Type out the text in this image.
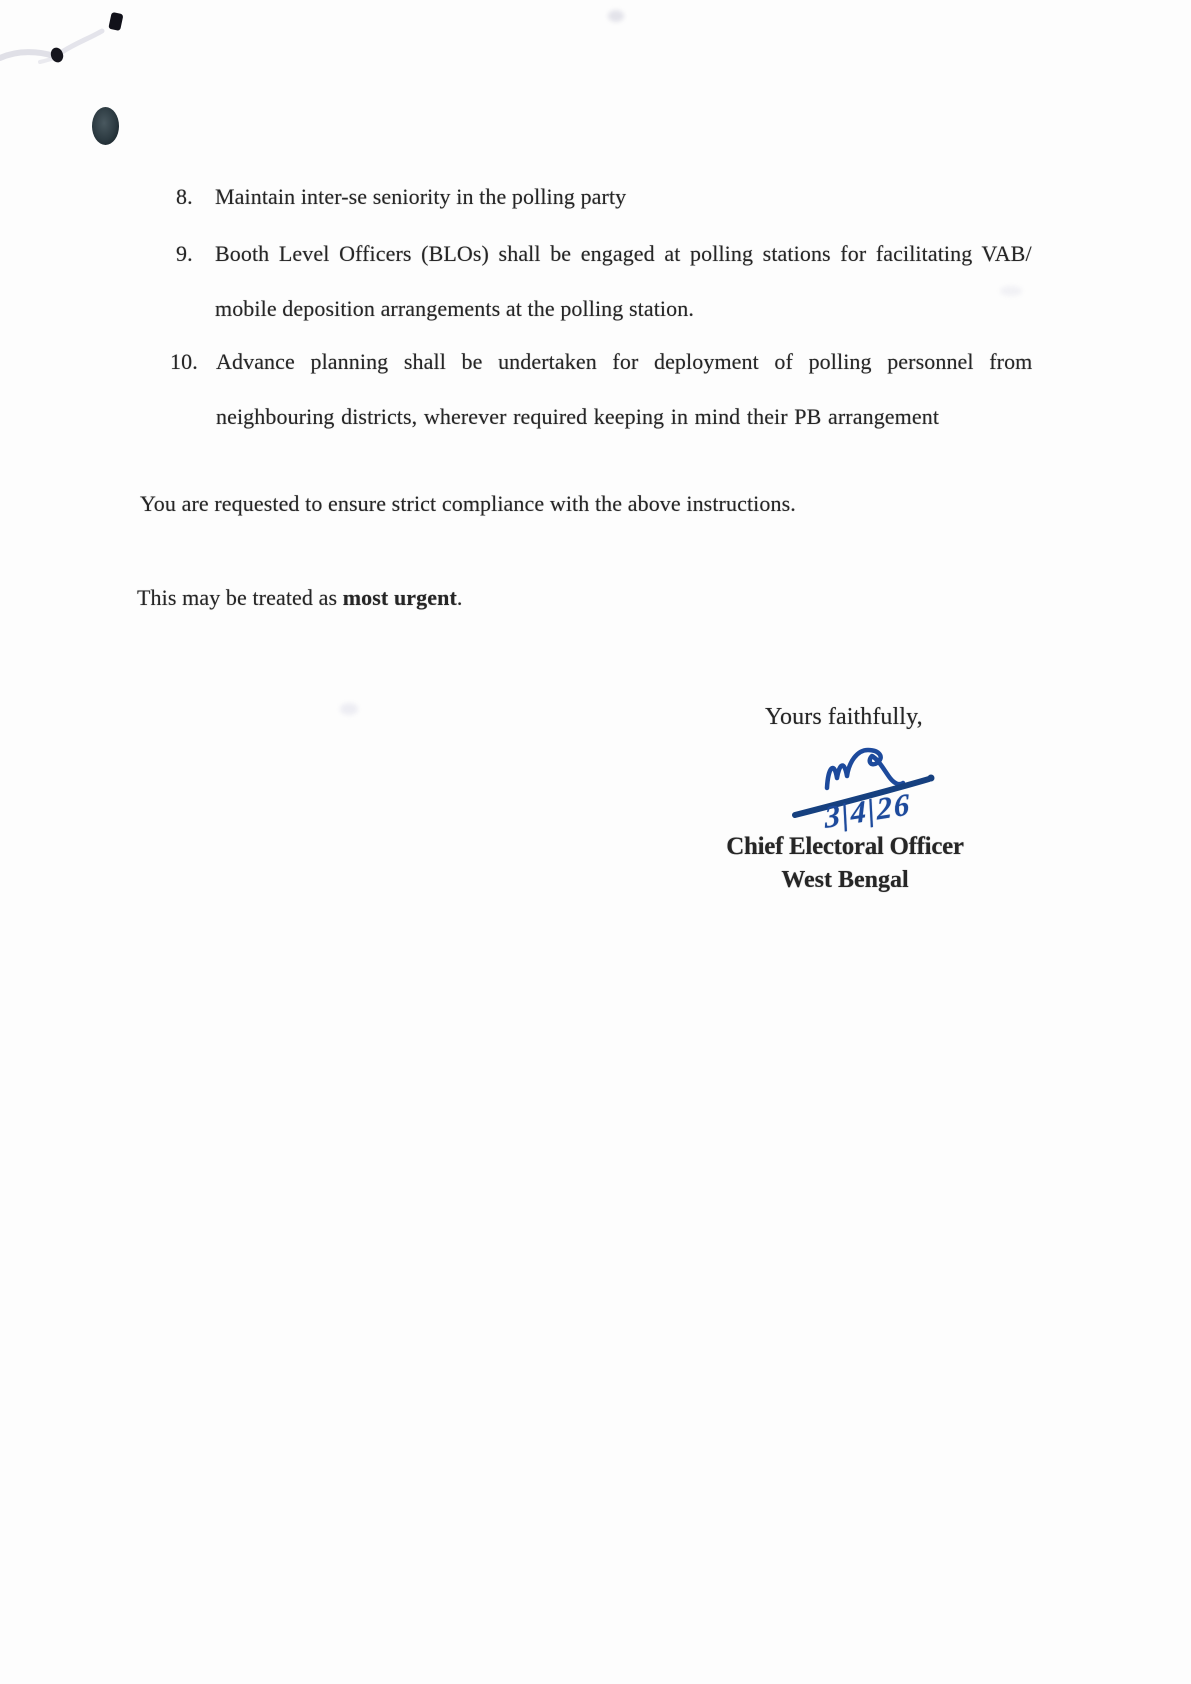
8. Maintain inter-se seniority in the polling party
9. Booth Level Officers (BLOs) shall be engaged at polling stations for facilitating VAB/
mobile deposition arrangements at the polling station.
10. Advance planning shall be undertaken for deployment of polling personnel from
neighbouring districts, wherever required keeping in mind their PB arrangement
You are requested to ensure strict compliance with the above instructions.
This may be treated as most urgent.
Yours faithfully,
3|4|26
Chief Electoral Officer
West Bengal
